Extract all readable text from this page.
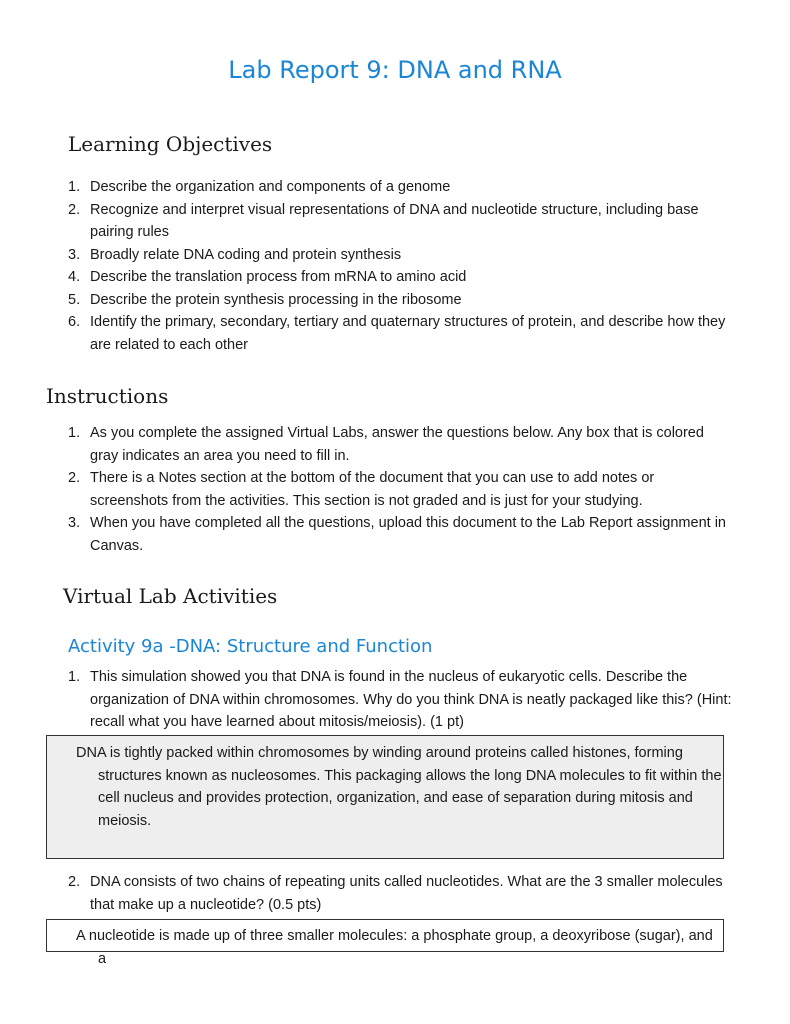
Lab Report 9: DNA and RNA
Learning Objectives
1. Describe the organization and components of a genome
2. Recognize and interpret visual representations of DNA and nucleotide structure, including base pairing rules
3. Broadly relate DNA coding and protein synthesis
4. Describe the translation process from mRNA to amino acid
5. Describe the protein synthesis processing in the ribosome
6. Identify the primary, secondary, tertiary and quaternary structures of protein, and describe how they are related to each other
Instructions
1. As you complete the assigned Virtual Labs, answer the questions below. Any box that is colored gray indicates an area you need to fill in.
2. There is a Notes section at the bottom of the document that you can use to add notes or screenshots from the activities. This section is not graded and is just for your studying.
3. When you have completed all the questions, upload this document to the Lab Report assignment in Canvas.
Virtual Lab Activities
Activity 9a -DNA: Structure and Function
1. This simulation showed you that DNA is found in the nucleus of eukaryotic cells. Describe the organization of DNA within chromosomes. Why do you think DNA is neatly packaged like this? (Hint: recall what you have learned about mitosis/meiosis). (1 pt)

DNA is tightly packed within chromosomes by winding around proteins called histones, forming structures known as nucleosomes. This packaging allows the long DNA molecules to fit within the cell nucleus and provides protection, organization, and ease of separation during mitosis and meiosis.

2. DNA consists of two chains of repeating units called nucleotides. What are the 3 smaller molecules that make up a nucleotide? (0.5 pts)

A nucleotide is made up of three smaller molecules: a phosphate group, a deoxyribose (sugar), and a
